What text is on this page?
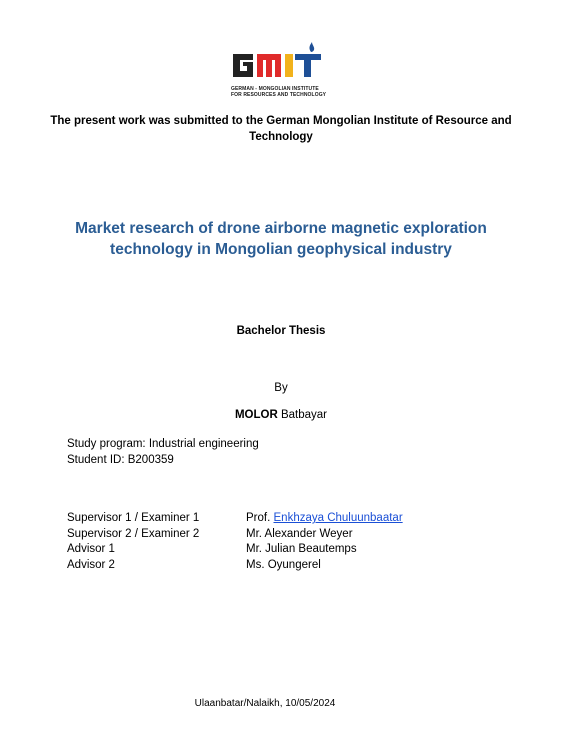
GERMAN - MONGOLIAN INSTITUTE
FOR RESOURCES AND TECHNOLOGY
The present work was submitted to the German Mongolian Institute of Resource and Technology
Market research of drone airborne magnetic exploration technology in Mongolian geophysical industry
Bachelor Thesis
By
MOLOR Batbayar
Study program: Industrial engineering
Student ID: B200359
Supervisor 1 / Examiner 1	Prof. Enkhzaya Chuluunbaatar
Supervisor 2 / Examiner 2	Mr. Alexander Weyer
Advisor 1	Mr. Julian Beautemps
Advisor 2	Ms. Oyungerel
Ulaanbatar/Nalaikh, 10/05/2024
